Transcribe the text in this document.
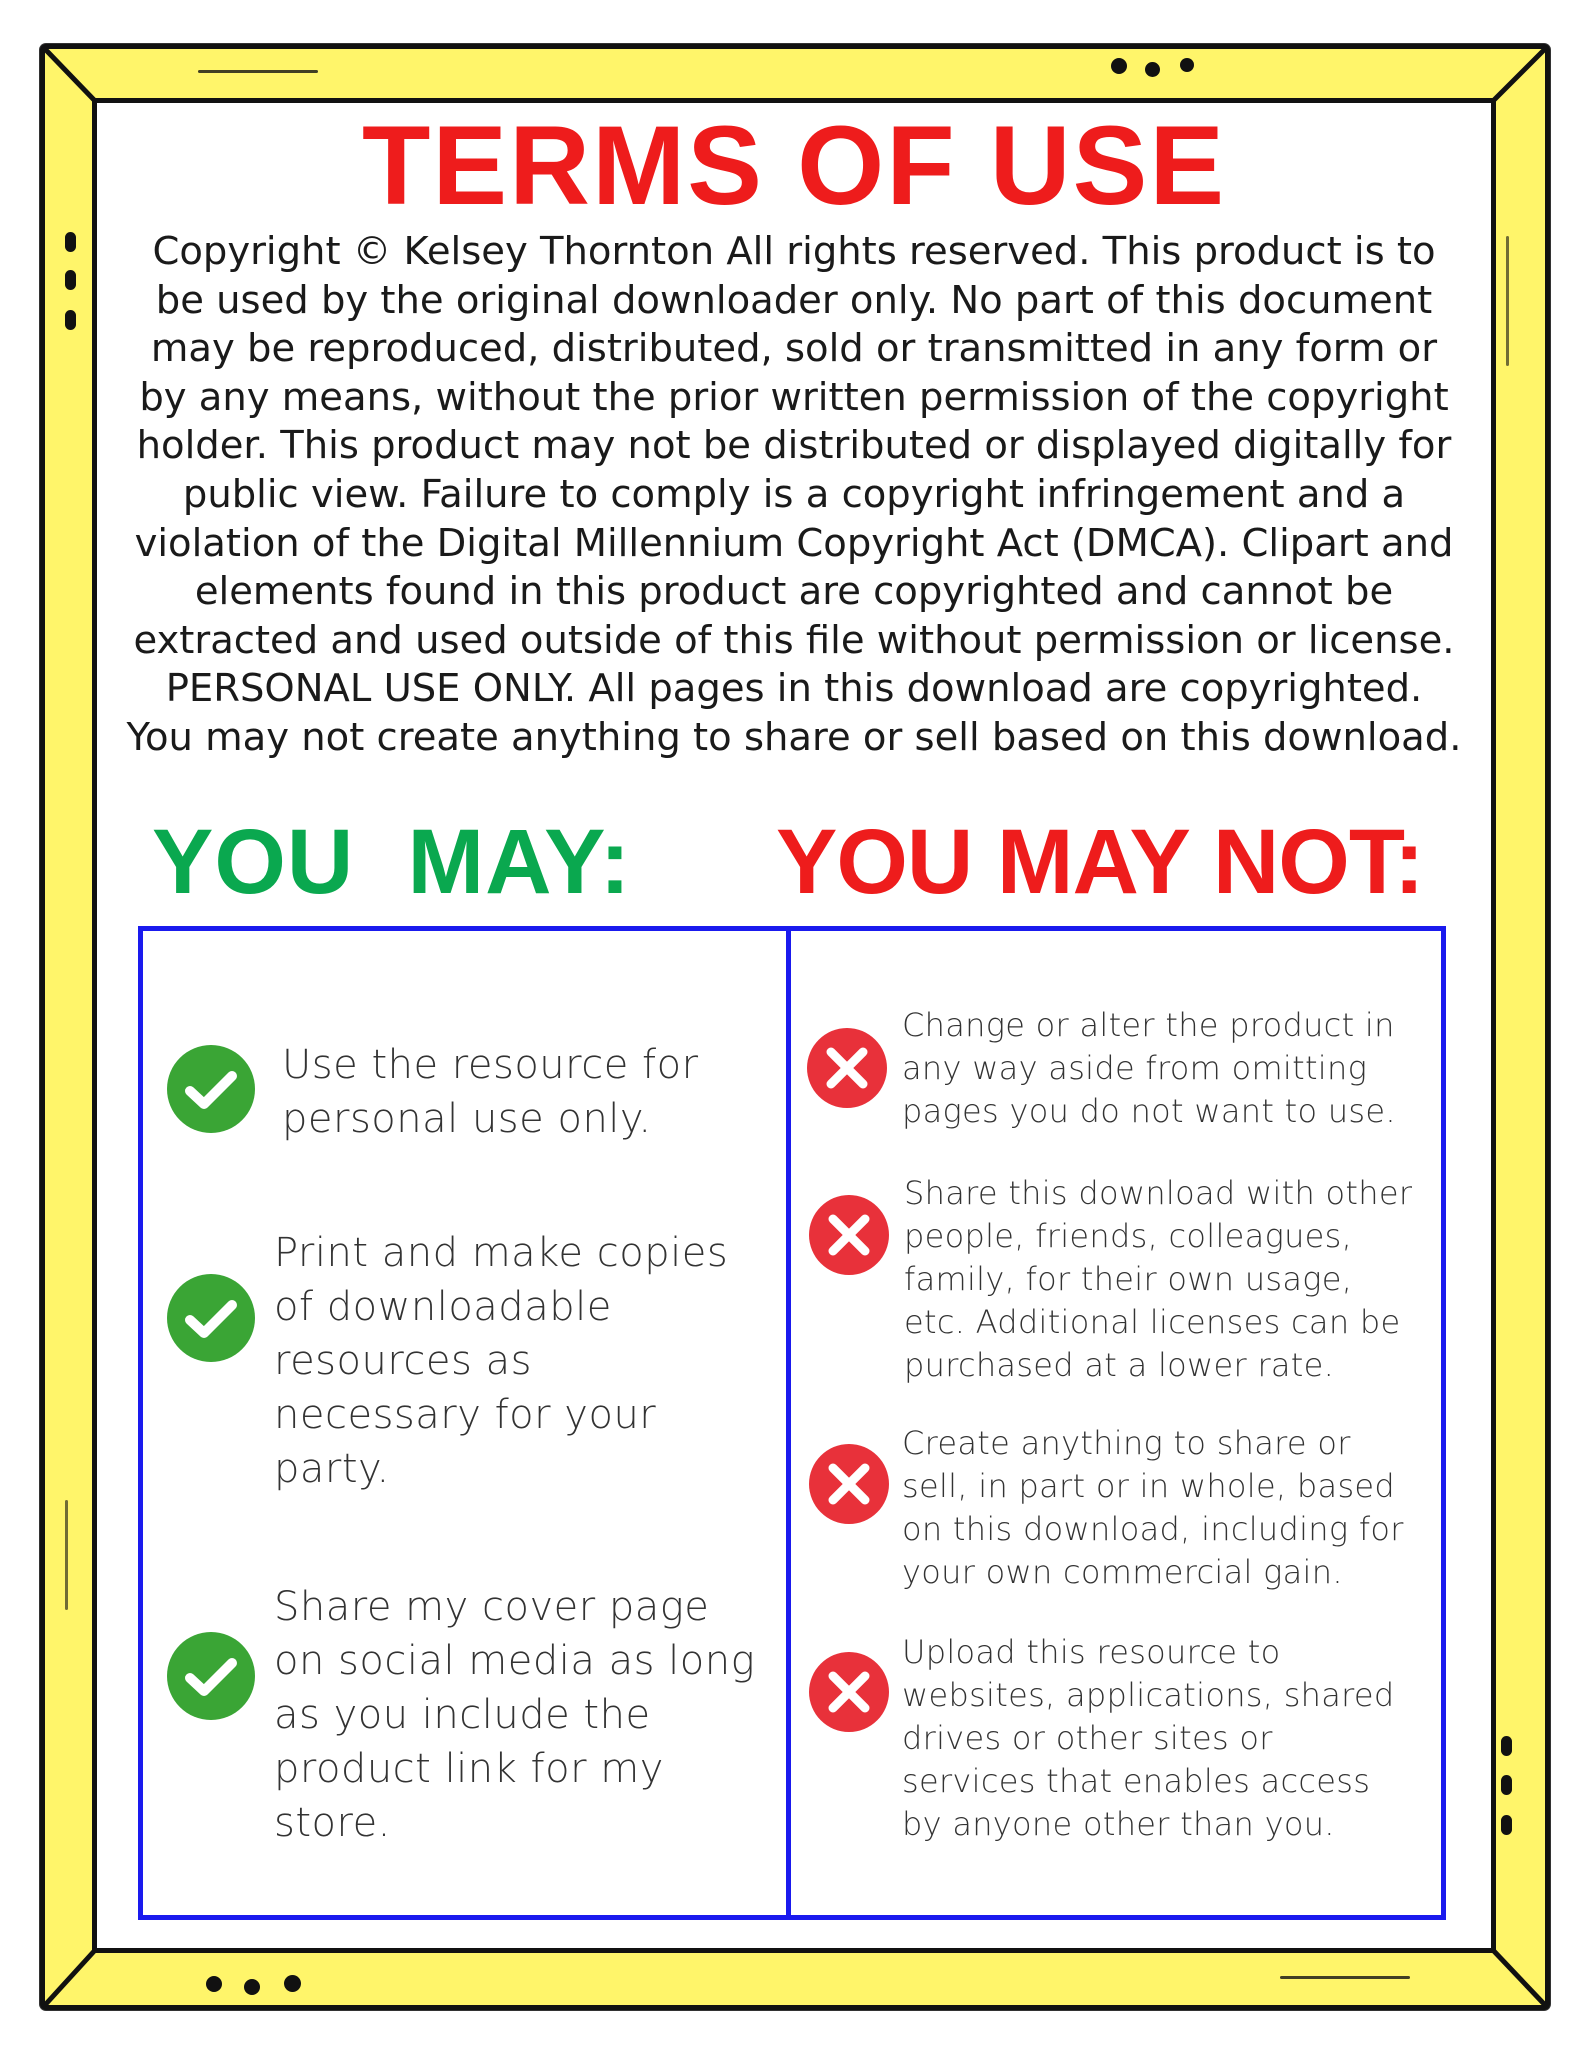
TERMS OF USE
Copyright © Kelsey Thornton All rights reserved. This product is to
be used by the original downloader only. No part of this document
may be reproduced, distributed, sold or transmitted in any form or
by any means, without the prior written permission of the copyright
holder. This product may not be distributed or displayed digitally for
public view. Failure to comply is a copyright infringement and a
violation of the Digital Millennium Copyright Act (DMCA). Clipart and
elements found in this product are copyrighted and cannot be
extracted and used outside of this file without permission or license.
PERSONAL USE ONLY. All pages in this download are copyrighted.
You may not create anything to share or sell based on this download.
YOU  MAY: YOU MAY NOT:
Use the resource for
personal use only.
Print and make copies
of downloadable
resources as
necessary for your
party.
Share my cover page
on social media as long
as you include the
product link for my
store.
Change or alter the product in
any way aside from omitting
pages you do not want to use.
Share this download with other
people, friends, colleagues,
family, for their own usage,
etc. Additional licenses can be
purchased at a lower rate.
Create anything to share or
sell, in part or in whole, based
on this download, including for
your own commercial gain.
Upload this resource to
websites, applications, shared
drives or other sites or
services that enables access
by anyone other than you.
